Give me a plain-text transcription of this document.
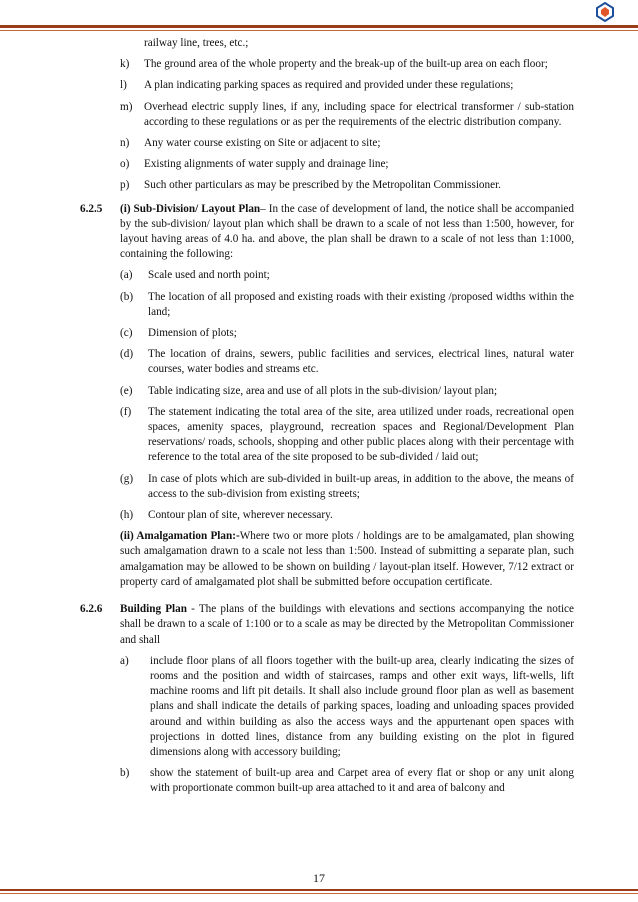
railway line, trees, etc.;
k) The ground area of the whole property and the break-up of the built-up area on each floor;
l) A plan indicating parking spaces as required and provided under these regulations;
m) Overhead electric supply lines, if any, including space for electrical transformer / sub-station according to these regulations or as per the requirements of the electric distribution company.
n) Any water course existing on Site or adjacent to site;
o) Existing alignments of water supply and drainage line;
p) Such other particulars as may be prescribed by the Metropolitan Commissioner.
6.2.5 (i) Sub-Division/ Layout Plan– In the case of development of land, the notice shall be accompanied by the sub-division/ layout plan which shall be drawn to a scale of not less than 1:500, however, for layout having areas of 4.0 ha. and above, the plan shall be drawn to a scale of not less than 1:1000, containing the following:
(a) Scale used and north point;
(b) The location of all proposed and existing roads with their existing /proposed widths within the land;
(c) Dimension of plots;
(d) The location of drains, sewers, public facilities and services, electrical lines, natural water courses, water bodies and streams etc.
(e) Table indicating size, area and use of all plots in the sub-division/ layout plan;
(f) The statement indicating the total area of the site, area utilized under roads, recreational open spaces, amenity spaces, playground, recreation spaces and Regional/Development Plan reservations/ roads, schools, shopping and other public places along with their percentage with reference to the total area of the site proposed to be sub-divided / laid out;
(g) In case of plots which are sub-divided in built-up areas, in addition to the above, the means of access to the sub-division from existing streets;
(h) Contour plan of site, wherever necessary.
(ii) Amalgamation Plan:-Where two or more plots / holdings are to be amalgamated, plan showing such amalgamation drawn to a scale not less than 1:500. Instead of submitting a separate plan, such amalgamation may be allowed to be shown on building / layout-plan itself. However, 7/12 extract or property card of amalgamated plot shall be submitted before occupation certificate.
6.2.6 Building Plan - The plans of the buildings with elevations and sections accompanying the notice shall be drawn to a scale of 1:100 or to a scale as may be directed by the Metropolitan Commissioner and shall
a) include floor plans of all floors together with the built-up area, clearly indicating the sizes of rooms and the position and width of staircases, ramps and other exit ways, lift-wells, lift machine rooms and lift pit details. It shall also include ground floor plan as well as basement plans and shall indicate the details of parking spaces, loading and unloading spaces provided around and within building as also the access ways and the appurtenant open spaces with projections in dotted lines, distance from any building existing on the plot in figured dimensions along with accessory building;
b) show the statement of built-up area and Carpet area of every flat or shop or any unit along with proportionate common built-up area attached to it and area of balcony and
17
